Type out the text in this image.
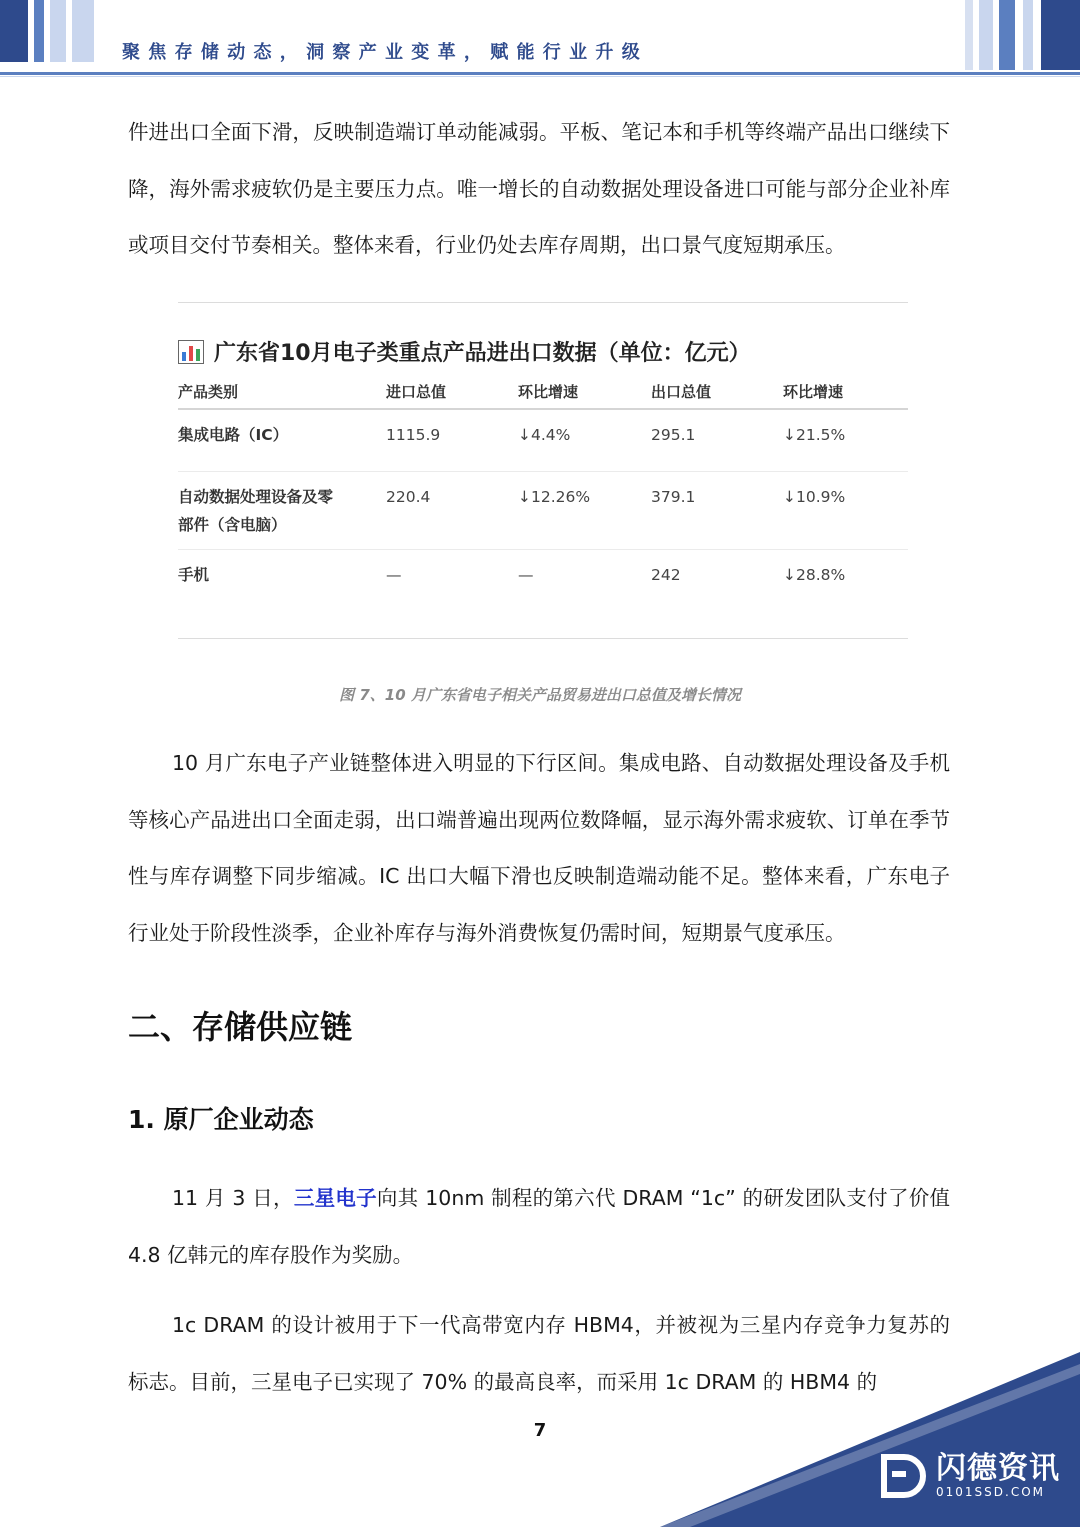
聚焦存储动态，洞察产业变革，赋能行业升级
件进出口全面下滑，反映制造端订单动能减弱。平板、笔记本和手机等终端产品出口继续下降，海外需求疲软仍是主要压力点。唯一增长的自动数据处理设备进口可能与部分企业补库或项目交付节奏相关。整体来看，行业仍处去库存周期，出口景气度短期承压。
广东省10月电子类重点产品进出口数据（单位：亿元）
产品类别	进口总值	环比增速	出口总值	环比增速
集成电路（IC）	1115.9	↓4.4%	295.1	↓21.5%
自动数据处理设备及零部件（含电脑）	220.4	↓12.26%	379.1	↓10.9%
手机	—	—	242	↓28.8%
图 7、10 月广东省电子相关产品贸易进出口总值及增长情况
10 月广东电子产业链整体进入明显的下行区间。集成电路、自动数据处理设备及手机等核心产品进出口全面走弱，出口端普遍出现两位数降幅，显示海外需求疲软、订单在季节性与库存调整下同步缩减。IC 出口大幅下滑也反映制造端动能不足。整体来看，广东电子行业处于阶段性淡季，企业补库存与海外消费恢复仍需时间，短期景气度承压。
二、存储供应链
1. 原厂企业动态
11 月 3 日，三星电子向其 10nm 制程的第六代 DRAM “1c” 的研发团队支付了价值 4.8 亿韩元的库存股作为奖励。
1c DRAM 的设计被用于下一代高带宽内存 HBM4，并被视为三星内存竞争力复苏的标志。目前，三星电子已实现了 70% 的最高良率，而采用 1c DRAM 的 HBM4 的
7
闪德资讯
0101SSD.COM
